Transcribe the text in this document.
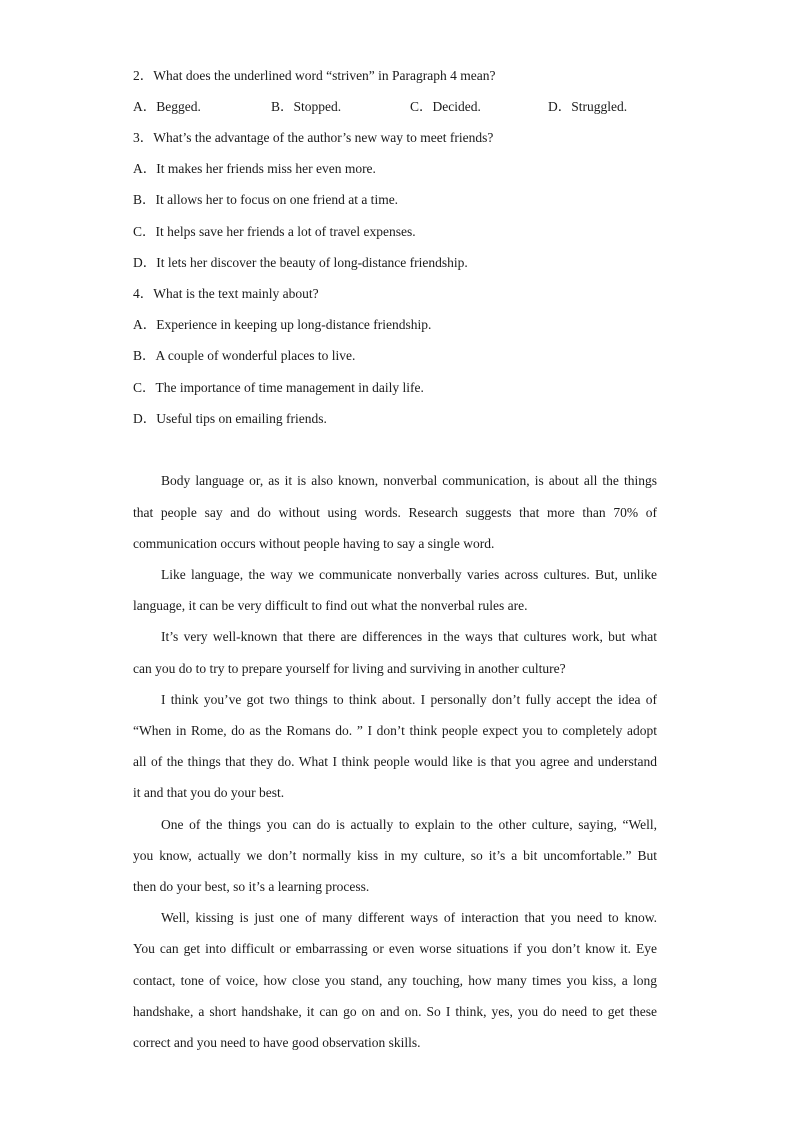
2．What does the underlined word “striven” in Paragraph 4 mean?
A．Begged.	B．Stopped.	C．Decided.	D．Struggled.
3．What’s the advantage of the author’s new way to meet friends?
A．It makes her friends miss her even more.
B．It allows her to focus on one friend at a time.
C．It helps save her friends a lot of travel expenses.
D．It lets her discover the beauty of long-distance friendship.
4．What is the text mainly about?
A．Experience in keeping up long-distance friendship.
B．A couple of wonderful places to live.
C．The importance of time management in daily life.
D．Useful tips on emailing friends.
Body language or, as it is also known, nonverbal communication, is about all the things
that people say and do without using words. Research suggests that more than 70% of
communication occurs without people having to say a single word.
Like language, the way we communicate nonverbally varies across cultures. But, unlike
language, it can be very difficult to find out what the nonverbal rules are.
It’s very well-known that there are differences in the ways that cultures work, but what
can you do to try to prepare yourself for living and surviving in another culture?
I think you’ve got two things to think about. I personally don’t fully accept the idea of
“When in Rome, do as the Romans do. ” I don’t think people expect you to completely adopt
all of the things that they do. What I think people would like is that you agree and understand
it and that you do your best.
One of the things you can do is actually to explain to the other culture, saying, “Well,
you know, actually we don’t normally kiss in my culture, so it’s a bit uncomfortable.” But
then do your best, so it’s a learning process.
Well, kissing is just one of many different ways of interaction that you need to know.
You can get into difficult or embarrassing or even worse situations if you don’t know it. Eye
contact, tone of voice, how close you stand, any touching, how many times you kiss, a long
handshake, a short handshake, it can go on and on. So I think, yes, you do need to get these
correct and you need to have good observation skills.
